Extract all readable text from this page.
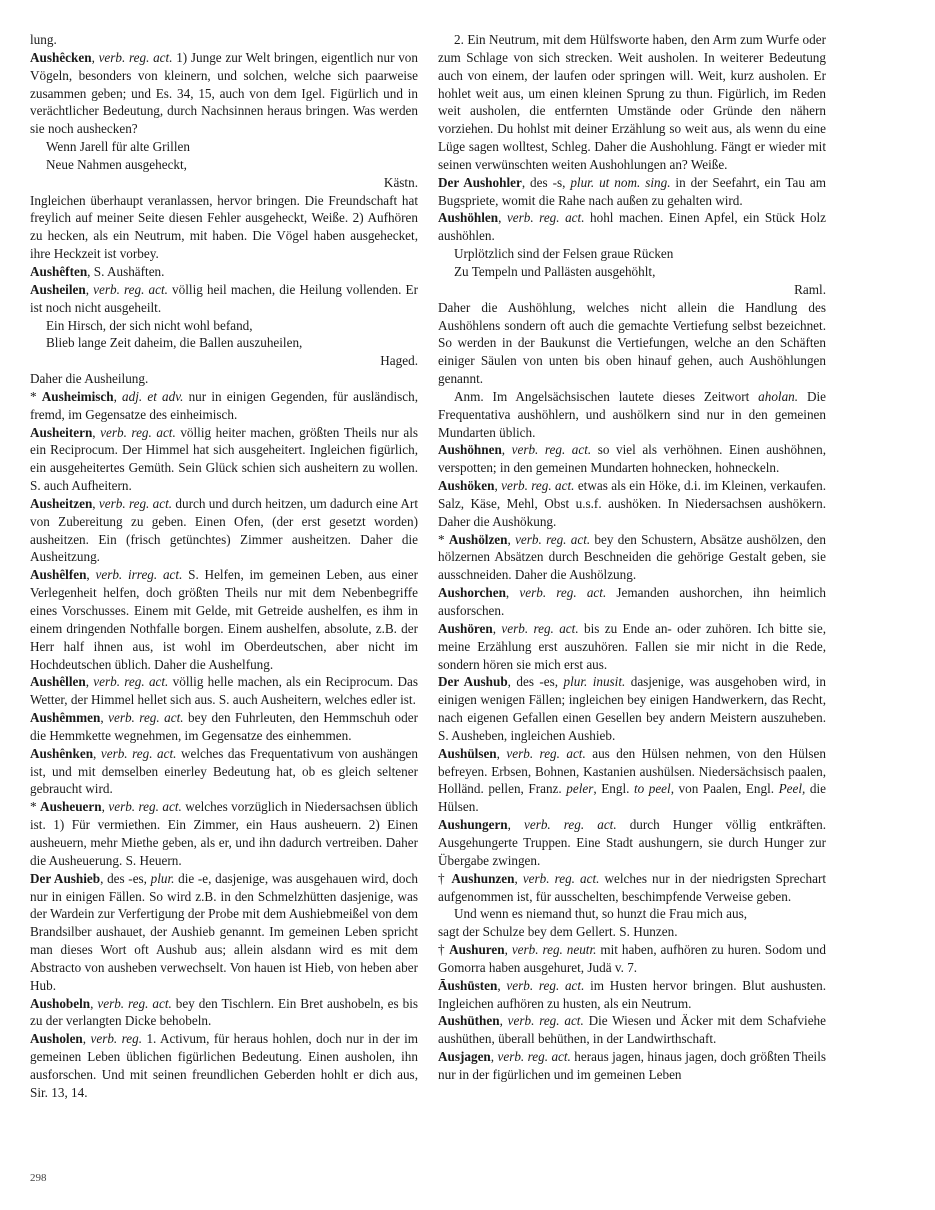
lung.

Aushêcken, verb. reg. act. 1) Junge zur Welt bringen, eigentlich nur von Vögeln, besonders von kleinern, und solchen, welche sich paarweise zusammen geben; und Es. 34, 15, auch von dem Igel. Figürlich und in verächtlicher Bedeutung, durch Nachsinnen heraus bringen. Was werden sie noch aushecken?

Wenn Jarell für alte Grillen

Neue Nahmen ausgeheckt,

Kästn.

Ingleichen überhaupt veranlassen, hervor bringen. Die Freundschaft hat freylich auf meiner Seite diesen Fehler ausgeheckt, Weiße. 2) Aufhören zu hecken, als ein Neutrum, mit haben. Die Vögel haben ausgehecket, ihre Heckzeit ist vorbey.

Aushêften, S. Aushäften.

Ausheilen, verb. reg. act. völlig heil machen, die Heilung vollenden. Er ist noch nicht ausgeheilt.

Ein Hirsch, der sich nicht wohl befand,

Blieb lange Zeit daheim, die Ballen auszuheilen,

Haged.

Daher die Ausheilung.

* Ausheimisch, adj. et adv. nur in einigen Gegenden, für ausländisch, fremd, im Gegensatze des einheimisch.

Ausheitern, verb. reg. act. völlig heiter machen, größten Theils nur als ein Reciprocum. Der Himmel hat sich ausgeheitert. Ingleichen figürlich, ein ausgeheitertes Gemüth. Sein Glück schien sich ausheitern zu wollen. S. auch Aufheitern.

Ausheitzen, verb. reg. act. durch und durch heitzen, um dadurch eine Art von Zubereitung zu geben. Einen Ofen, (der erst gesetzt worden) ausheitzen. Ein (frisch getünchtes) Zimmer ausheitzen. Daher die Ausheitzung.

Aushêlfen, verb. irreg. act. S. Helfen, im gemeinen Leben, aus einer Verlegenheit helfen, doch größten Theils nur mit dem Nebenbegriffe eines Vorschusses. Einem mit Gelde, mit Getreide aushelfen, es ihm in einem dringenden Nothfalle borgen. Einem aushelfen, absolute, z.B. der Herr half ihnen aus, ist wohl im Oberdeutschen, aber nicht im Hochdeutschen üblich. Daher die Aushelfung.

Aushêllen, verb. reg. act. völlig helle machen, als ein Reciprocum. Das Wetter, der Himmel hellet sich aus. S. auch Ausheitern, welches edler ist.

Aushêmmen, verb. reg. act. bey den Fuhrleuten, den Hemmschuh oder die Hemmkette wegnehmen, im Gegensatze des einhemmen.

Aushênken, verb. reg. act. welches das Frequentativum von aushängen ist, und mit demselben einerley Bedeutung hat, ob es gleich seltener gebraucht wird.

* Ausheuern, verb. reg. act. welches vorzüglich in Niedersachsen üblich ist. 1) Für vermiethen. Ein Zimmer, ein Haus ausheuern. 2) Einen ausheuern, mehr Miethe geben, als er, und ihn dadurch vertreiben. Daher die Ausheuerung. S. Heuern.

Der Aushieb, des -es, plur. die -e, dasjenige, was ausgehauen wird, doch nur in einigen Fällen. So wird z.B. in den Schmelzhütten dasjenige, was der Wardein zur Verfertigung der Probe mit dem Aushiebmeißel von dem Brandsilber aushauet, der Aushieb genannt. Im gemeinen Leben spricht man dieses Wort oft Aushub aus; allein alsdann wird es mit dem Abstracto von ausheben verwechselt. Von hauen ist Hieb, von heben aber Hub.

Aushobeln, verb. reg. act. bey den Tischlern. Ein Bret aushobeln, es bis zu der verlangten Dicke behobeln.

Ausholen, verb. reg. 1. Activum, für heraus hohlen, doch nur in der im gemeinen Leben üblichen figürlichen Bedeutung. Einen ausholen, ihn ausforschen. Und mit seinen freundlichen Geberden hohlt er dich aus, Sir. 13, 14.

2. Ein Neutrum, mit dem Hülfsworte haben, den Arm zum Wurfe oder zum Schlage von sich strecken. Weit ausholen. In weiterer Bedeutung auch von einem, der laufen oder springen will. Weit, kurz ausholen. Er hohlet weit aus, um einen kleinen Sprung zu thun. Figürlich, im Reden weit ausholen, die entfernten Umstände oder Gründe den nähern vorziehen. Du hohlst mit deiner Erzählung so weit aus, als wenn du eine Lüge sagen wolltest, Schleg. Daher die Aushohlung. Fängt er wieder mit seinen verwünschten weiten Aushohlungen an? Weiße.

Der Aushohler, des -s, plur. ut nom. sing. in der Seefahrt, ein Tau am Bugspriete, womit die Rahe nach außen zu gehalten wird.

Aushöhlen, verb. reg. act. hohl machen. Einen Apfel, ein Stück Holz aushöhlen.

Urplötzlich sind der Felsen graue Rücken

Zu Tempeln und Pallästen ausgehöhlt,

Raml.

Daher die Aushöhlung, welches nicht allein die Handlung des Aushöhlens sondern oft auch die gemachte Vertiefung selbst bezeichnet. So werden in der Baukunst die Vertiefungen, welche an den Schäften einiger Säulen von unten bis oben hinauf gehen, auch Aushöhlungen genannt.

Anm. Im Angelsächsischen lautete dieses Zeitwort aholan. Die Frequentativa aushöhlern, und aushölkern sind nur in den gemeinen Mundarten üblich.

Aushöhnen, verb. reg. act. so viel als verhöhnen. Einen aushöhnen, verspotten; in den gemeinen Mundarten hohnecken, hohneckeln.

Aushöken, verb. reg. act. etwas als ein Höke, d.i. im Kleinen, verkaufen. Salz, Käse, Mehl, Obst u.s.f. aushöken. In Niedersachsen aushökern. Daher die Aushökung.

* Aushölzen, verb. reg. act. bey den Schustern, Absätze aushölzen, den hölzernen Absätzen durch Beschneiden die gehörige Gestalt geben, sie ausschneiden. Daher die Aushölzung.

Aushorchen, verb. reg. act. Jemanden aushorchen, ihn heimlich ausforschen.

Aushören, verb. reg. act. bis zu Ende an- oder zuhören. Ich bitte sie, meine Erzählung erst auszuhören. Fallen sie mir nicht in die Rede, sondern hören sie mich erst aus.

Der Aushub, des -es, plur. inusit. dasjenige, was ausgehoben wird, in einigen wenigen Fällen; ingleichen bey einigen Handwerkern, das Recht, nach eigenen Gefallen einen Gesellen bey andern Meistern auszuheben. S. Ausheben, ingleichen Aushieb.

Aushülsen, verb. reg. act. aus den Hülsen nehmen, von den Hülsen befreyen. Erbsen, Bohnen, Kastanien aushülsen. Niedersächsisch paalen, Holländ. pellen, Franz. peler, Engl. to peel, von Paalen, Engl. Peel, die Hülsen.

Aushungern, verb. reg. act. durch Hunger völlig entkräften. Ausgehungerte Truppen. Eine Stadt aushungern, sie durch Hunger zur Übergabe zwingen.

† Aushunzen, verb. reg. act. welches nur in der niedrigsten Sprechart aufgenommen ist, für ausschelten, beschimpfende Verweise geben.

Und wenn es niemand thut, so hunzt die Frau mich aus,

sagt der Schulze bey dem Gellert. S. Hunzen.

† Aushuren, verb. reg. neutr. mit haben, aufhören zu huren. Sodom und Gomorra haben ausgehuret, Judä v. 7.

Āushūsten, verb. reg. act. im Husten hervor bringen. Blut aushusten. Ingleichen aufhören zu husten, als ein Neutrum.

Aushüthen, verb. reg. act. Die Wiesen und Äcker mit dem Schafviehe aushüthen, überall behüthen, in der Landwirthschaft.

Ausjagen, verb. reg. act. heraus jagen, hinaus jagen, doch größten Theils nur in der figürlichen und im gemeinen Leben

298
